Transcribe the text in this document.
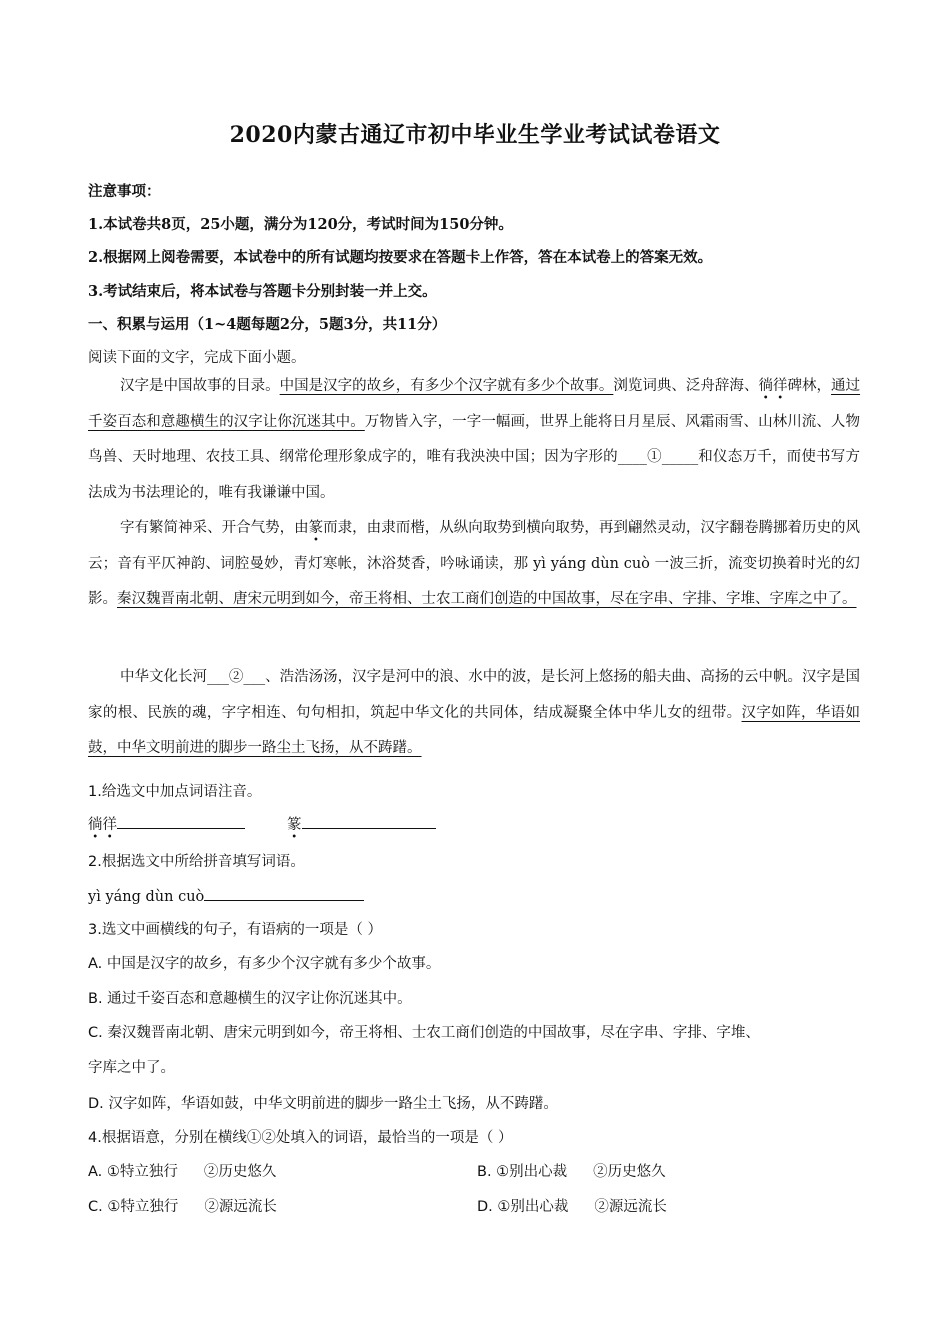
2020内蒙古通辽市初中毕业生学业考试试卷语文
注意事项：
1.本试卷共8页，25小题，满分为120分，考试时间为150分钟。
2.根据网上阅卷需要，本试卷中的所有试题均按要求在答题卡上作答，答在本试卷上的答案无效。
3.考试结束后，将本试卷与答题卡分别封装一并上交。
一、积累与运用（1~4题每题2分，5题3分，共11分）
阅读下面的文字，完成下面小题。
汉字是中国故事的目录。中国是汉字的故乡，有多少个汉字就有多少个故事。浏览词典、泛舟辞海、徜徉碑林，通过千姿百态和意趣横生的汉字让你沉迷其中。万物皆入字，一字一幅画，世界上能将日月星辰、风霜雨雪、山林川流、人物鸟兽、天时地理、农技工具、纲常伦理形象成字的，唯有我泱泱中国；因为字形的____①_____和仪态万千，而使书写方法成为书法理论的，唯有我谦谦中国。
字有繁简神采、开合气势，由篆而隶，由隶而楷，从纵向取势到横向取势，再到翩然灵动，汉字翻卷腾挪着历史的风云；音有平仄神韵、词腔曼妙，青灯寒帐，沐浴焚香，吟咏诵读，那 yì yáng dùn cuò 一波三折，流变切换着时光的幻影。秦汉魏晋南北朝、唐宋元明到如今，帝王将相、士农工商们创造的中国故事，尽在字串、字排、字堆、字库之中了。
中华文化长河___②___、浩浩汤汤，汉字是河中的浪、水中的波，是长河上悠扬的船夫曲、高扬的云中帆。汉字是国家的根、民族的魂，字字相连、句句相扣，筑起中华文化的共同体，结成凝聚全体中华儿女的纽带。汉字如阵，华语如鼓，中华文明前进的脚步一路尘土飞扬，从不踌躇。
1.给选文中加点词语注音。
徜徉	篆
2.根据选文中所给拼音填写词语。
yì yáng dùn cuò
3.选文中画横线的句子，有语病的一项是（ ）
A. 中国是汉字的故乡，有多少个汉字就有多少个故事。
B. 通过千姿百态和意趣横生的汉字让你沉迷其中。
C. 秦汉魏晋南北朝、唐宋元明到如今，帝王将相、士农工商们创造的中国故事，尽在字串、字排、字堆、
字库之中了。
D. 汉字如阵，华语如鼓，中华文明前进的脚步一路尘土飞扬，从不踌躇。
4.根据语意，分别在横线①②处填入的词语，最恰当的一项是（ ）
A. ①特立独行 ②历史悠久	B. ①别出心裁 ②历史悠久
C. ①特立独行 ②源远流长	D. ①别出心裁 ②源远流长
